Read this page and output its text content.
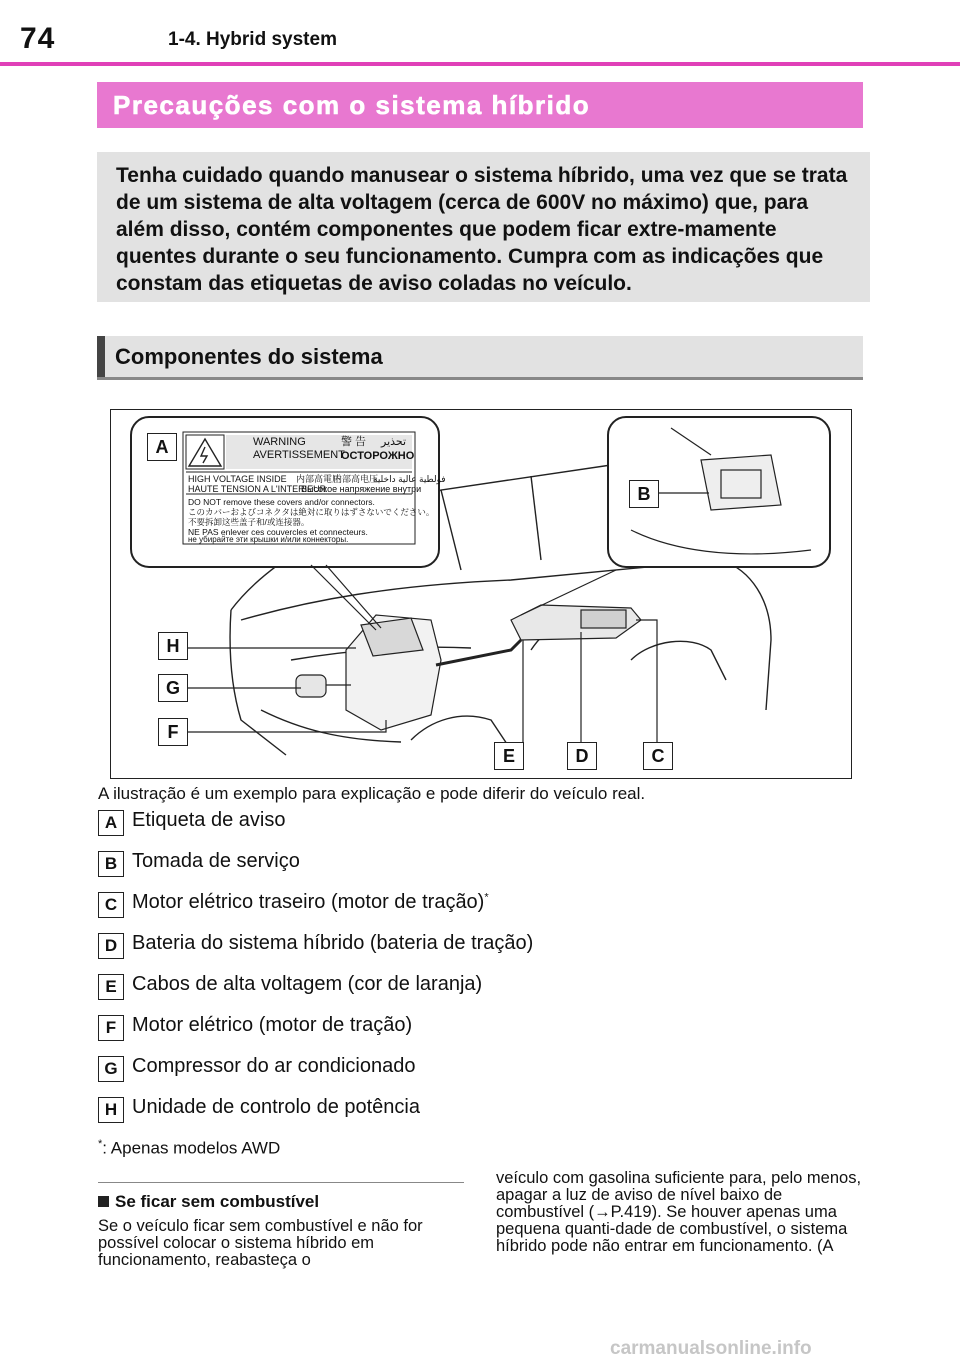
74	1-4. Hybrid system
Precauções com o sistema híbrido
Tenha cuidado quando manusear o sistema híbrido, uma vez que se trata de um sistema de alta voltagem (cerca de 600V no máximo) que, para além disso, contém componentes que podem ficar extre-mamente quentes durante o seu funcionamento. Cumpra com as indicações que constam das etiquetas de aviso coladas no veículo.
Componentes do sistema
A
B
C
D
E
F
G
H
WARNING
AVERTISSEMENT
警 告 تحذير
ОСТОРОЖНО
HIGH VOLTAGE INSIDE 内部高電圧
内部高电压
فولطية عالية داخلية
HAUTE TENSION A L'INTERIEUR
Высокое напряжение внутри
DO NOT remove these covers and/or connectors.
このカバーおよびコネクタは絶対に取りはずさないでください。
不要拆卸这些盖子和/或连接器。
NE PAS enlever ces couvercles et connecteurs.
не убирайте эти крышки и/или коннекторы.
A ilustração é um exemplo para explicação e pode diferir do veículo real.
A Etiqueta de aviso
B Tomada de serviço
C Motor elétrico traseiro (motor de tração)*
D Bateria do sistema híbrido (bateria de tração)
E Cabos de alta voltagem (cor de laranja)
F Motor elétrico (motor de tração)
G Compressor do ar condicionado
H Unidade de controlo de potência
*: Apenas modelos AWD
Se ficar sem combustível
Se o veículo ficar sem combustível e não for possível colocar o sistema híbrido em funcionamento, reabasteça o
veículo com gasolina suficiente para, pelo menos, apagar a luz de aviso de nível baixo de combustível (→P.419). Se houver apenas uma pequena quanti-dade de combustível, o sistema híbrido pode não entrar em funcionamento. (A
carmanualsonline.info
